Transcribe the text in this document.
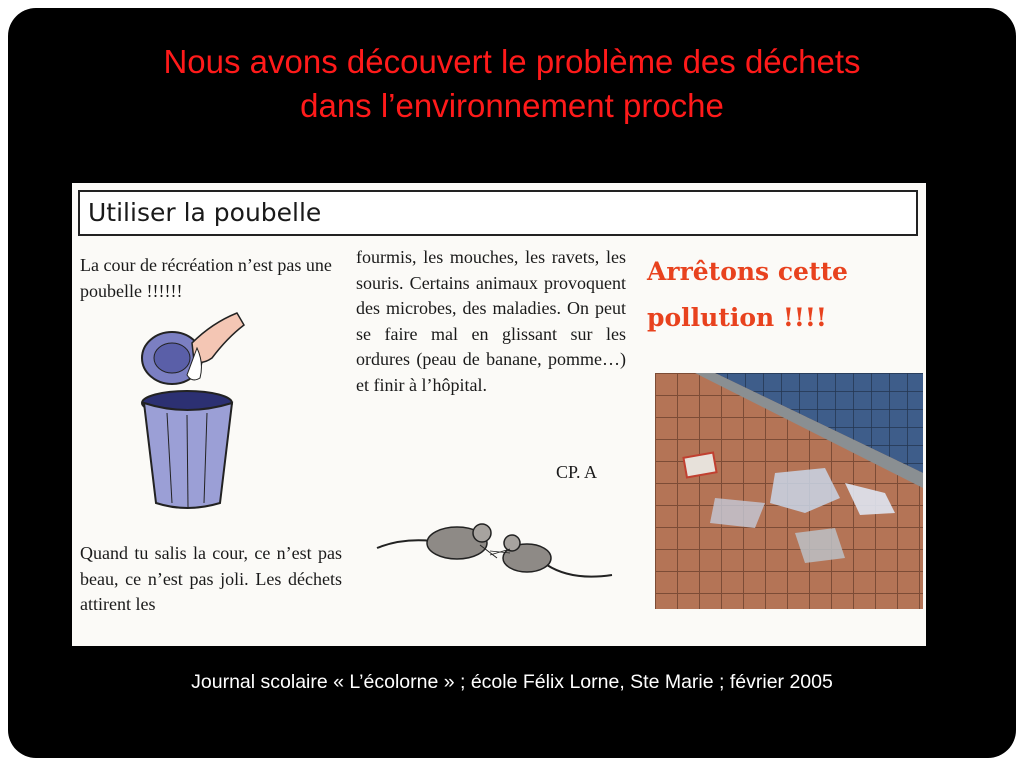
Nous avons découvert le problème des déchets
dans l’environnement proche
Utiliser la poubelle
La cour de récréation n’est pas une poubelle !!!!!!
Quand tu salis la cour, ce n’est pas beau, ce n’est pas joli. Les déchets attirent les
fourmis, les mouches, les ravets, les souris. Certains animaux provoquent des microbes, des maladies. On peut se faire mal en glissant sur les ordures (peau de banane, pomme…) et finir à l’hôpital.
CP. A
Arrêtons cette
pollution !!!!
Journal scolaire « L’écolorne » ; école Félix Lorne, Ste Marie ; février 2005
